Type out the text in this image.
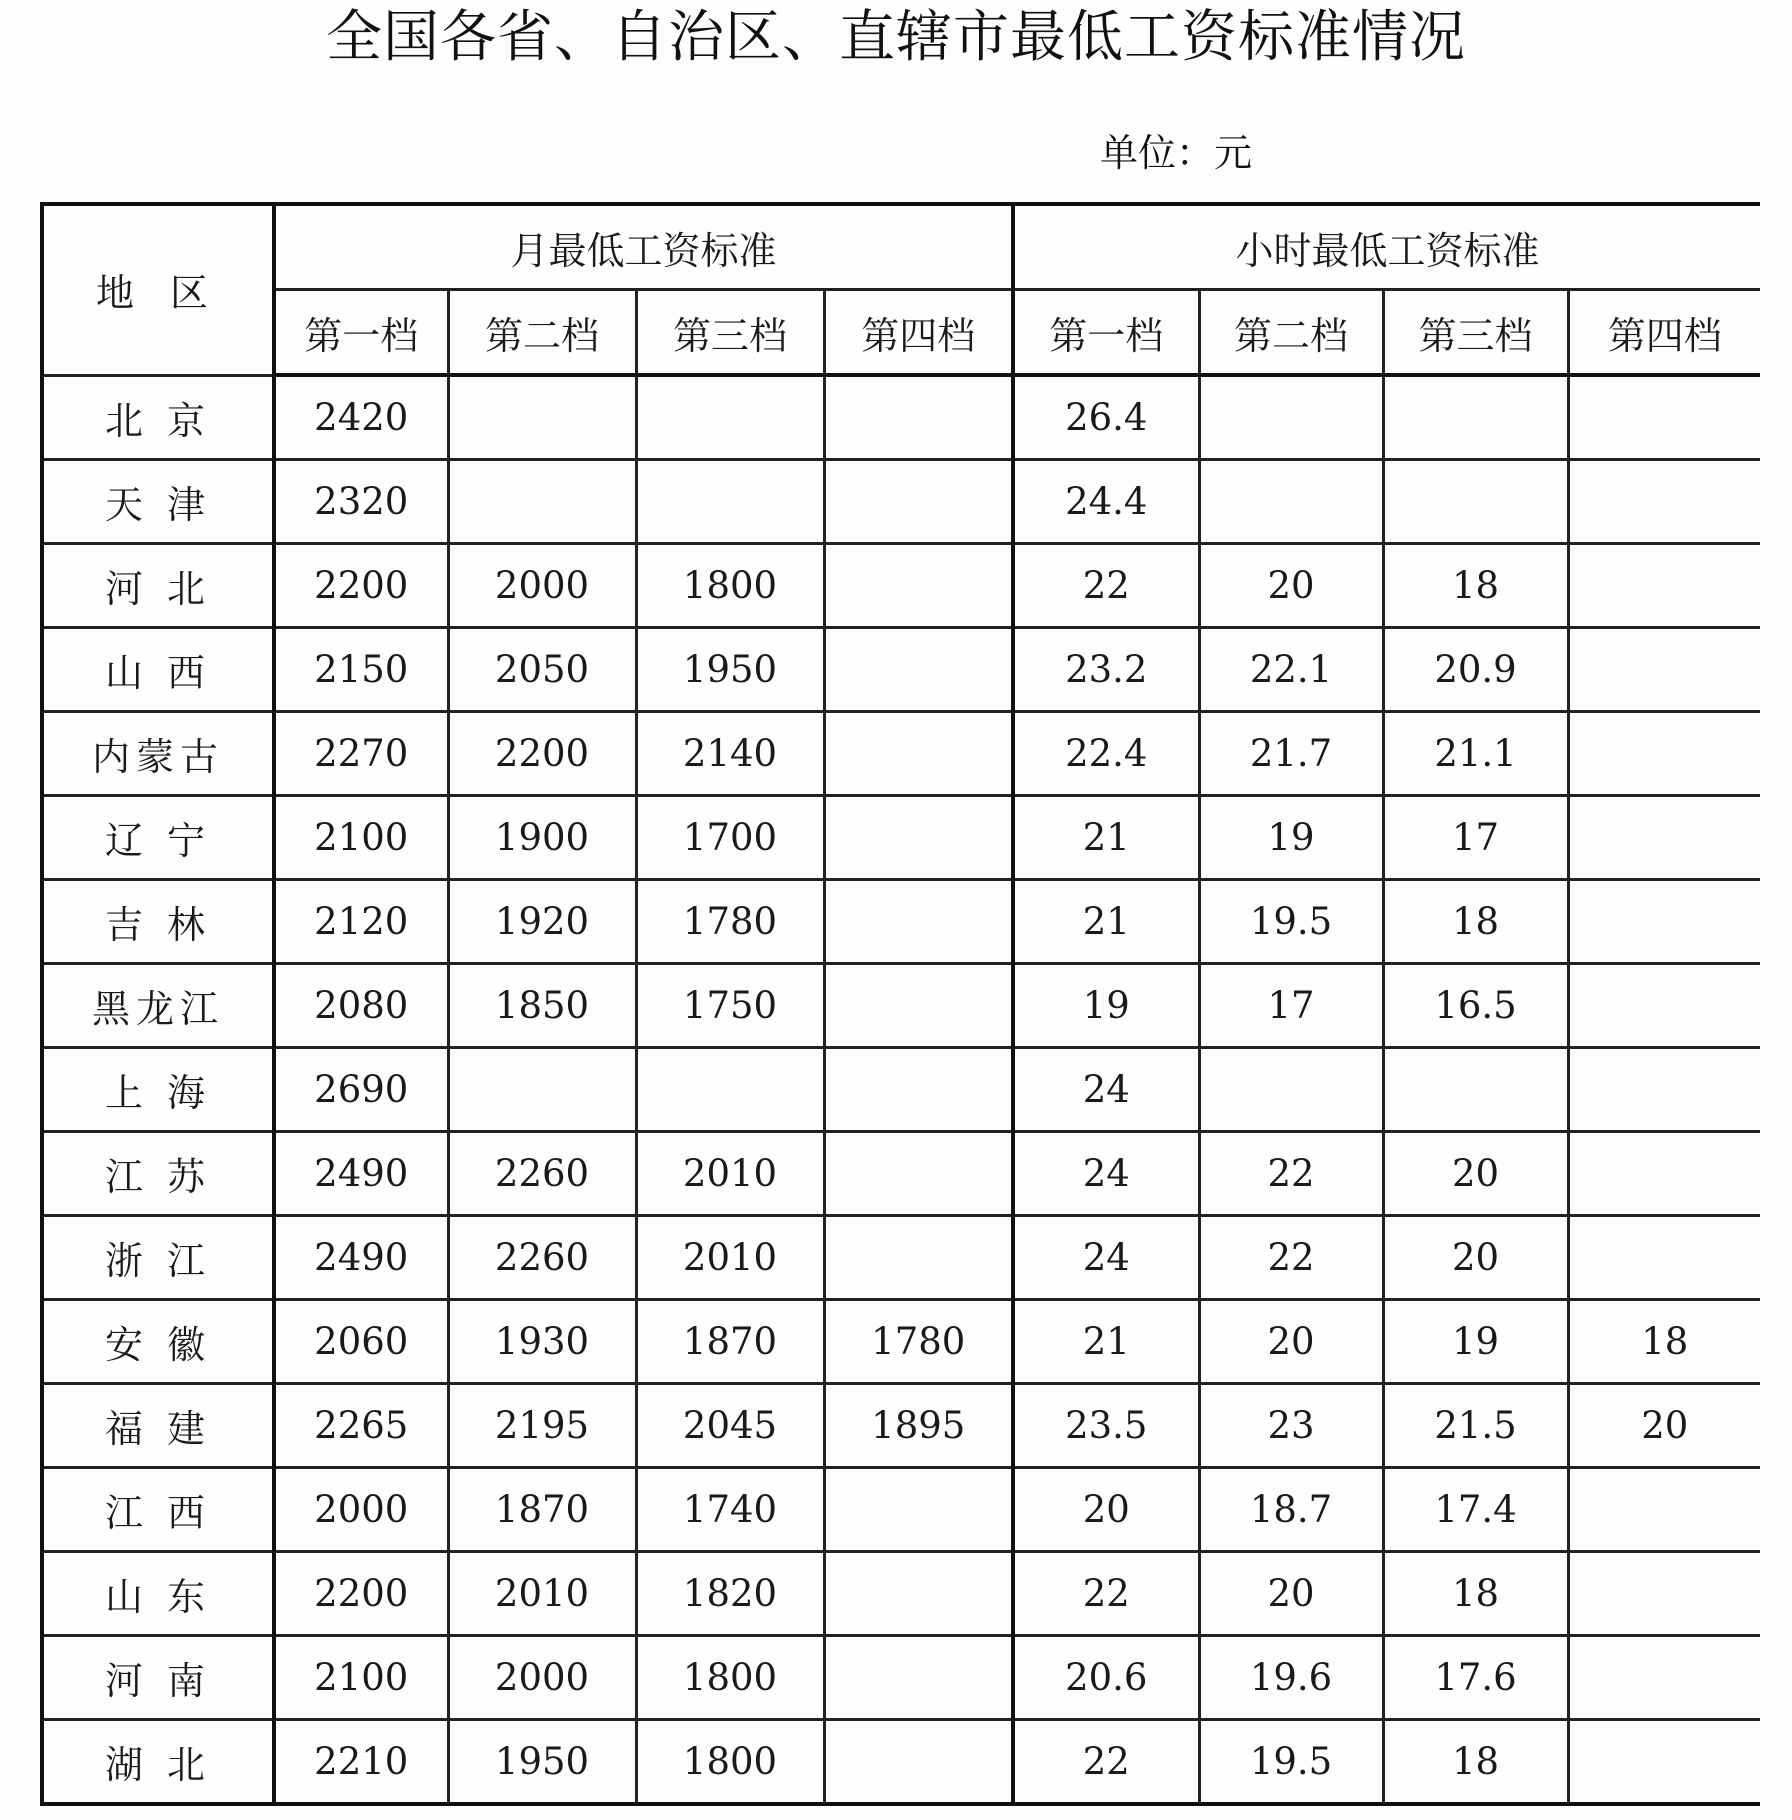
全国各省、自治区、直辖市最低工资标准情况
单位：元
地 区	月最低工资标准				小时最低工资标准			
	第一档	第二档	第三档	第四档	第一档	第二档	第三档	第四档
北 京	2420				26.4			
天 津	2320				24.4			
河 北	2200	2000	1800		22	20	18	
山 西	2150	2050	1950		23.2	22.1	20.9	
内蒙古	2270	2200	2140		22.4	21.7	21.1	
辽 宁	2100	1900	1700		21	19	17	
吉 林	2120	1920	1780		21	19.5	18	
黑龙江	2080	1850	1750		19	17	16.5	
上 海	2690				24			
江 苏	2490	2260	2010		24	22	20	
浙 江	2490	2260	2010		24	22	20	
安 徽	2060	1930	1870	1780	21	20	19	18
福 建	2265	2195	2045	1895	23.5	23	21.5	20
江 西	2000	1870	1740		20	18.7	17.4	
山 东	2200	2010	1820		22	20	18	
河 南	2100	2000	1800		20.6	19.6	17.6	
湖 北	2210	1950	1800		22	19.5	18	
